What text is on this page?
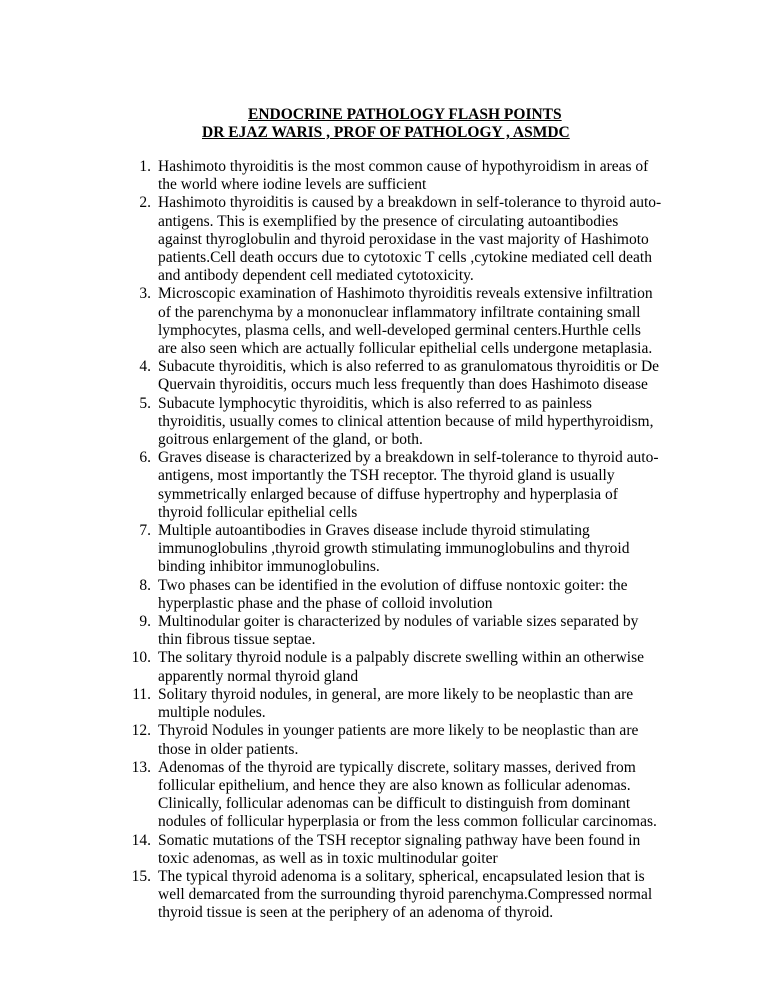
ENDOCRINE PATHOLOGY FLASH POINTS
DR EJAZ WARIS , PROF OF PATHOLOGY , ASMDC
1. Hashimoto thyroiditis is the most common cause of hypothyroidism in areas of the world where iodine levels are sufficient
2. Hashimoto thyroiditis is caused by a breakdown in self-tolerance to thyroid auto-antigens. This is exemplified by the presence of circulating autoantibodies against thyroglobulin and thyroid peroxidase in the vast majority of Hashimoto patients.Cell death occurs due to cytotoxic T cells ,cytokine mediated cell death and antibody dependent cell mediated cytotoxicity.
3. Microscopic examination of Hashimoto thyroiditis reveals extensive infiltration of the parenchyma by a mononuclear inflammatory infiltrate containing small lymphocytes, plasma cells, and well-developed germinal centers.Hurthle cells are also seen which are actually follicular epithelial cells undergone metaplasia.
4. Subacute thyroiditis, which is also referred to as granulomatous thyroiditis or De Quervain thyroiditis, occurs much less frequently than does Hashimoto disease
5. Subacute lymphocytic thyroiditis, which is also referred to as painless thyroiditis, usually comes to clinical attention because of mild hyperthyroidism, goitrous enlargement of the gland, or both.
6. Graves disease is characterized by a breakdown in self-tolerance to thyroid auto-antigens, most importantly the TSH receptor. The thyroid gland is usually symmetrically enlarged because of diffuse hypertrophy and hyperplasia of thyroid follicular epithelial cells
7. Multiple autoantibodies in Graves disease include thyroid stimulating immunoglobulins ,thyroid growth stimulating immunoglobulins and thyroid binding inhibitor immunoglobulins.
8. Two phases can be identified in the evolution of diffuse nontoxic goiter: the hyperplastic phase and the phase of colloid involution
9. Multinodular goiter is characterized by nodules of variable sizes separated by thin fibrous tissue septae.
10. The solitary thyroid nodule is a palpably discrete swelling within an otherwise apparently normal thyroid gland
11. Solitary thyroid nodules, in general, are more likely to be neoplastic than are multiple nodules.
12. Thyroid Nodules in younger patients are more likely to be neoplastic than are those in older patients.
13. Adenomas of the thyroid are typically discrete, solitary masses, derived from follicular epithelium, and hence they are also known as follicular adenomas. Clinically, follicular adenomas can be difficult to distinguish from dominant nodules of follicular hyperplasia or from the less common follicular carcinomas.
14. Somatic mutations of the TSH receptor signaling pathway have been found in toxic adenomas, as well as in toxic multinodular goiter
15. The typical thyroid adenoma is a solitary, spherical, encapsulated lesion that is well demarcated from the surrounding thyroid parenchyma.Compressed normal thyroid tissue is seen at the periphery of an adenoma of thyroid.
